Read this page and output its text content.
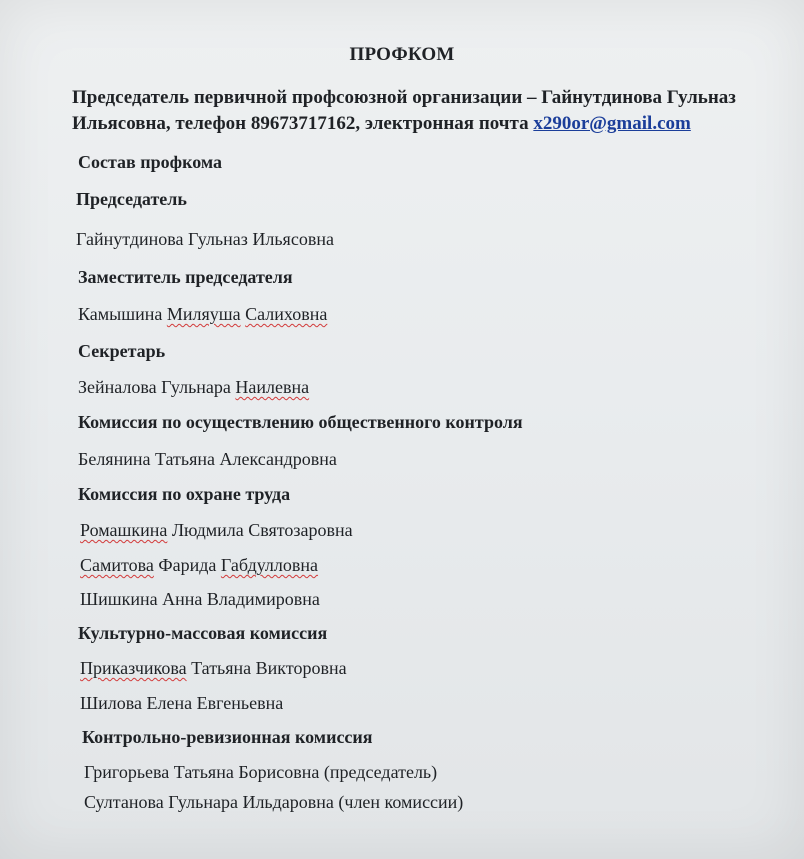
ПРОФКОМ
Председатель первичной профсоюзной организации – Гайнутдинова Гульназ
Ильясовна, телефон 89673717162, электронная почта x290or@gmail.com
Состав профкома
Председатель
Гайнутдинова Гульназ Ильясовна
Заместитель председателя
Камышина Миляуша Салиховна
Секретарь
Зейналова Гульнара Наилевна
Комиссия по осуществлению общественного контроля
Белянина Татьяна Александровна
Комиссия по охране труда
Ромашкина Людмила Святозаровна
Самитова Фарида Габдулловна
Шишкина Анна Владимировна
Культурно-массовая комиссия
Приказчикова Татьяна Викторовна
Шилова Елена Евгеньевна
Контрольно-ревизионная комиссия
Григорьева Татьяна Борисовна (председатель)
Султанова Гульнара Ильдаровна (член комиссии)
